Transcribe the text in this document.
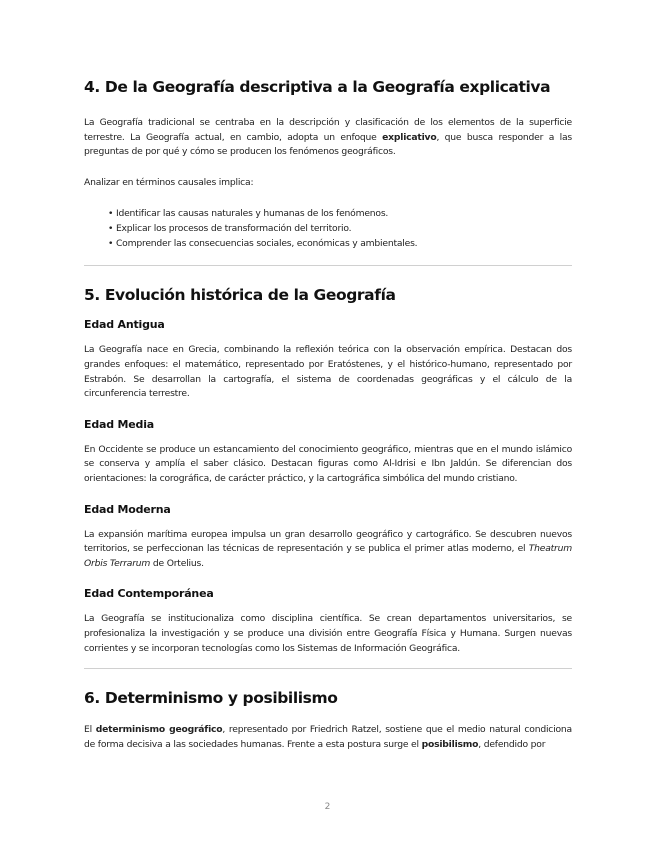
4. De la Geografía descriptiva a la Geografía explicativa

La Geografía tradicional se centraba en la descripción y clasificación de los elementos de la superficie terrestre. La Geografía actual, en cambio, adopta un enfoque explicativo, que busca responder a las preguntas de por qué y cómo se producen los fenómenos geográficos.

Analizar en términos causales implica:

• Identificar las causas naturales y humanas de los fenómenos.
• Explicar los procesos de transformación del territorio.
• Comprender las consecuencias sociales, económicas y ambientales.
5. Evolución histórica de la Geografía
Edad Antigua

La Geografía nace en Grecia, combinando la reflexión teórica con la observación empírica. Destacan dos grandes enfoques: el matemático, representado por Eratóstenes, y el histórico-humano, representado por Estrabón. Se desarrollan la cartografía, el sistema de coordenadas geográficas y el cálculo de la circunferencia terrestre.

Edad Media

En Occidente se produce un estancamiento del conocimiento geográfico, mientras que en el mundo islámico se conserva y amplía el saber clásico. Destacan figuras como Al-Idrisi e Ibn Jaldún. Se diferencian dos orientaciones: la corográfica, de carácter práctico, y la cartográfica simbólica del mundo cristiano.

Edad Moderna

La expansión marítima europea impulsa un gran desarrollo geográfico y cartográfico. Se descubren nuevos territorios, se perfeccionan las técnicas de representación y se publica el primer atlas moderno, el Theatrum Orbis Terrarum de Ortelius.

Edad Contemporánea

La Geografía se institucionaliza como disciplina científica. Se crean departamentos universitarios, se profesionaliza la investigación y se produce una división entre Geografía Física y Humana. Surgen nuevas corrientes y se incorporan tecnologías como los Sistemas de Información Geográfica.

6. Determinismo y posibilismo

El determinismo geográfico, representado por Friedrich Ratzel, sostiene que el medio natural condiciona de forma decisiva a las sociedades humanas. Frente a esta postura surge el posibilismo, defendido por

2
